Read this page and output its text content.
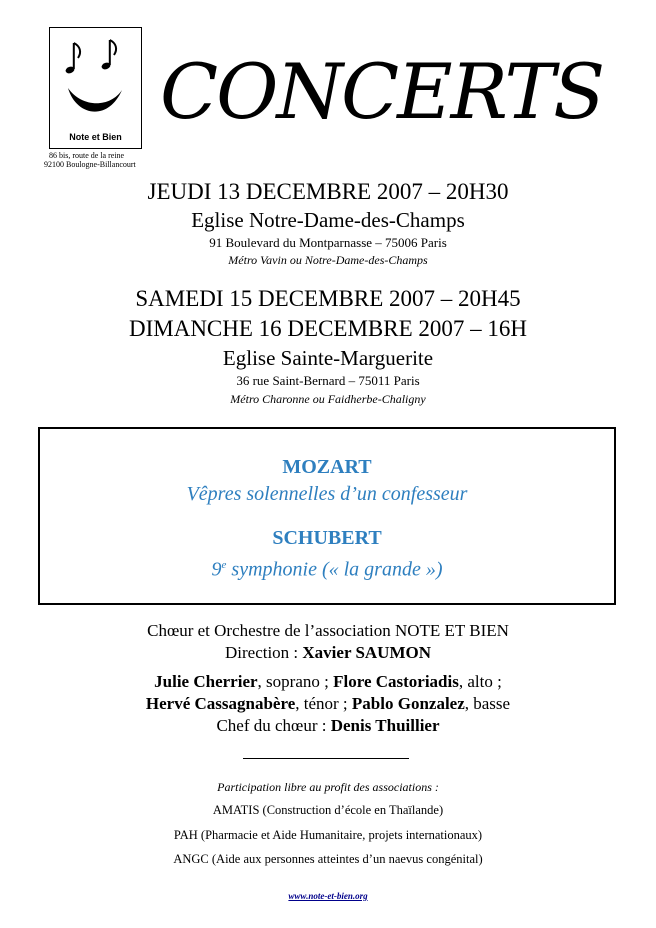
Note et Bien
86 bis, route de la reine
92100 Boulogne-Billancourt
CONCERTS
JEUDI 13 DECEMBRE 2007 – 20H30
Eglise Notre-Dame-des-Champs
91 Boulevard du Montparnasse – 75006 Paris
Métro Vavin ou Notre-Dame-des-Champs
SAMEDI 15 DECEMBRE 2007 – 20H45
DIMANCHE 16 DECEMBRE 2007 – 16H
Eglise Sainte-Marguerite
36 rue Saint-Bernard – 75011 Paris
Métro Charonne ou Faidherbe-Chaligny
MOZART
Vêpres solennelles d’un confesseur
SCHUBERT
9e symphonie (« la grande »)
Chœur et Orchestre de l’association NOTE ET BIEN
Direction : Xavier SAUMON
Julie Cherrier, soprano ; Flore Castoriadis, alto ;
Hervé Cassagnabère, ténor ; Pablo Gonzalez, basse
Chef du chœur : Denis Thuillier
Participation libre au profit des associations :
AMATIS (Construction d’école en Thaïlande)
PAH (Pharmacie et Aide Humanitaire, projets internationaux)
ANGC (Aide aux personnes atteintes d’un naevus congénital)
www.note-et-bien.org
